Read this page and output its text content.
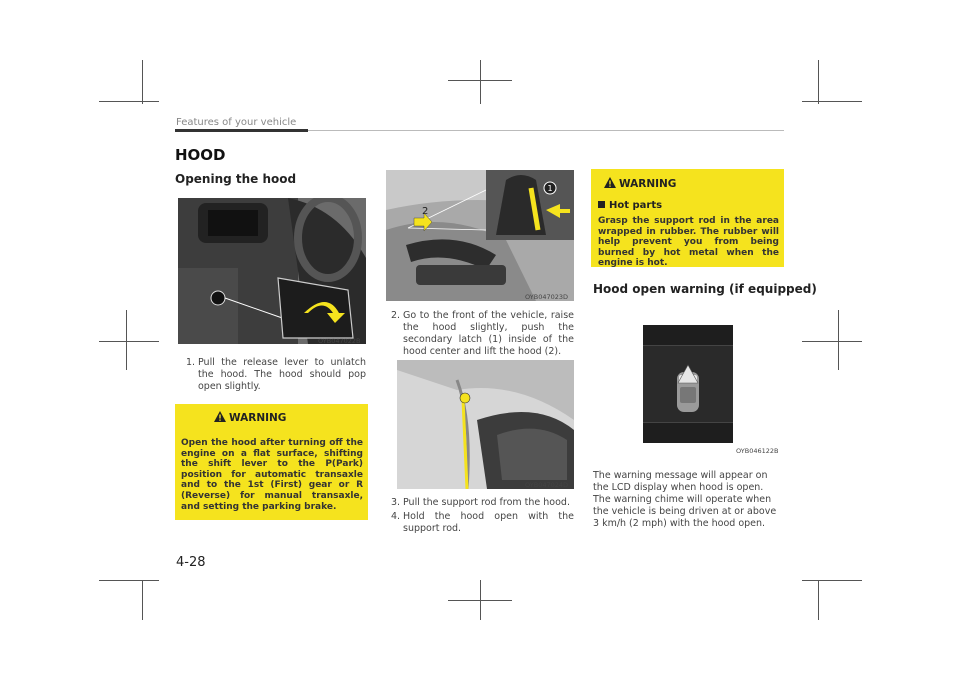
Features of your vehicle
HOOD
Opening the hood
OYB047022B
1. Pull the release lever to unlatch the hood. The hood should pop open slightly.
WARNING
Open the hood after turning off the engine on a flat surface, shifting the shift lever to the P(Park) position for automatic transaxle and to the 1st (First) gear or R (Reverse) for manual transaxle, and setting the parking brake.
1
2
OYB047023D
2. Go to the front of the vehicle, raise the hood slightly, push the secondary latch (1) inside of the hood center and lift the hood (2).
OYB047024D
3. Pull the support rod from the hood.
4. Hold the hood open with the support rod.
WARNING
Hot parts
Grasp the support rod in the area wrapped in rubber. The rubber will help prevent you from being burned by hot metal when the engine is hot.
Hood open warning (if equipped)
OYB046122B
The warning message will appear on the LCD display when hood is open.
The warning chime will operate when the vehicle is being driven at or above 3 km/h (2 mph) with the hood open.
4-28
